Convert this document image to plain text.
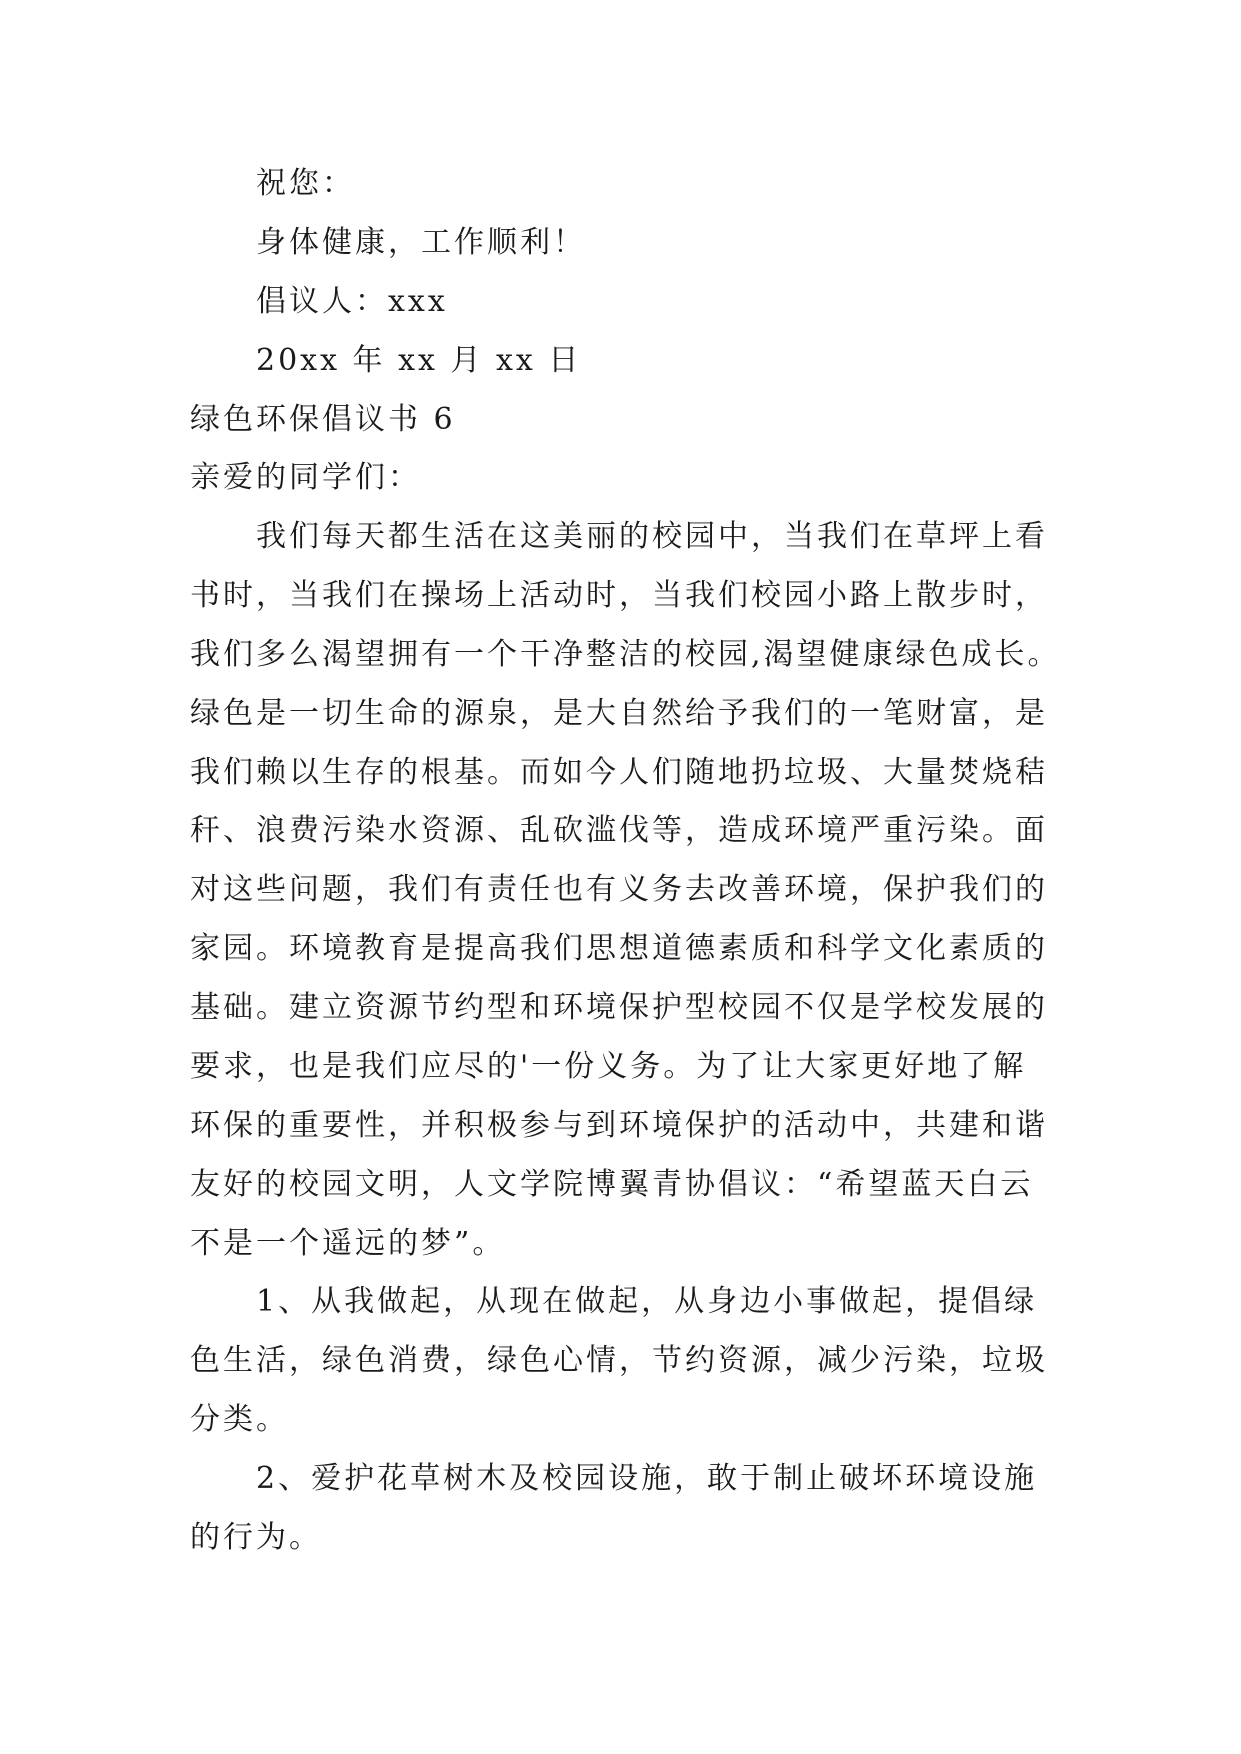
祝您：
身体健康，工作顺利！
倡议人：xxx
20xx 年 xx 月 xx 日
绿色环保倡议书 6
亲爱的同学们：
我们每天都生活在这美丽的校园中，当我们在草坪上看
书时，当我们在操场上活动时，当我们校园小路上散步时，
我们多么渴望拥有一个干净整洁的校园,渴望健康绿色成长。
绿色是一切生命的源泉，是大自然给予我们的一笔财富，是
我们赖以生存的根基。而如今人们随地扔垃圾、大量焚烧秸
秆、浪费污染水资源、乱砍滥伐等，造成环境严重污染。面
对这些问题，我们有责任也有义务去改善环境，保护我们的
家园。环境教育是提高我们思想道德素质和科学文化素质的
基础。建立资源节约型和环境保护型校园不仅是学校发展的
要求，也是我们应尽的'一份义务。为了让大家更好地了解
环保的重要性，并积极参与到环境保护的活动中，共建和谐
友好的校园文明，人文学院博翼青协倡议：“希望蓝天白云
不是一个遥远的梦”。
1、从我做起，从现在做起，从身边小事做起，提倡绿
色生活，绿色消费，绿色心情，节约资源，减少污染，垃圾
分类。
2、爱护花草树木及校园设施，敢于制止破坏环境设施
的行为。
